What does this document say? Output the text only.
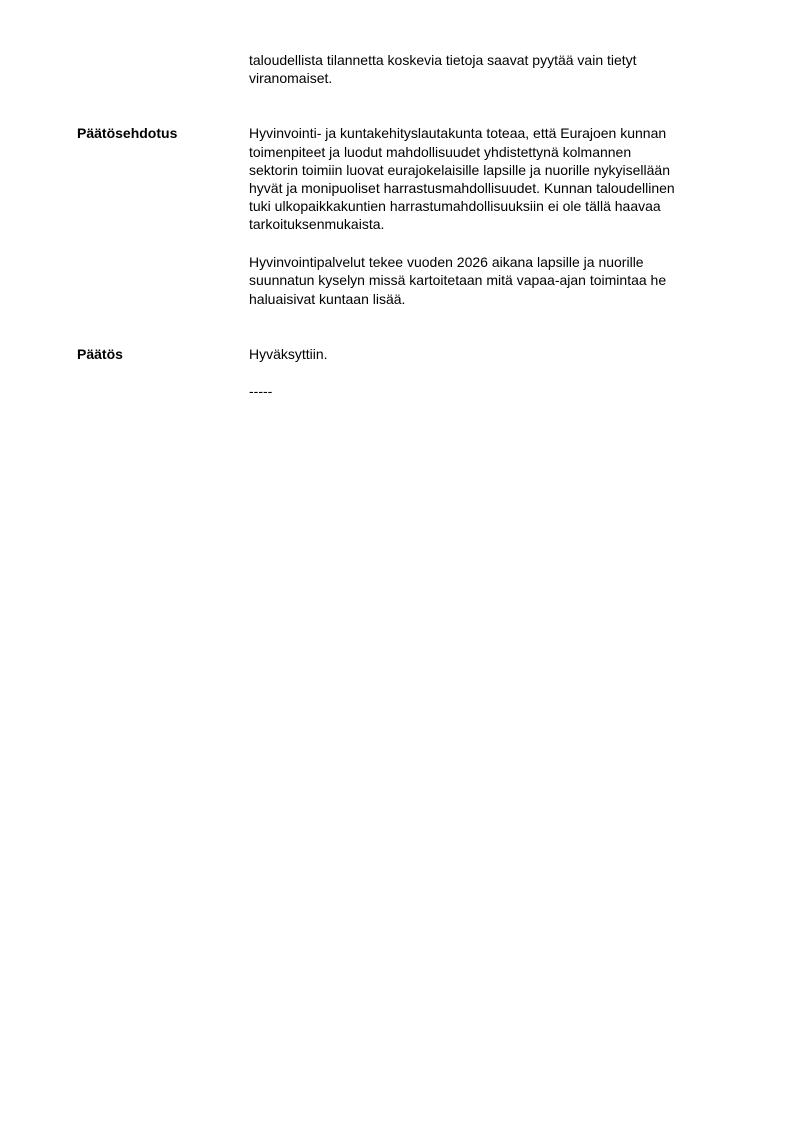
taloudellista tilannetta koskevia tietoja saavat pyytää vain tietyt
viranomaiset.
Päätösehdotus	Hyvinvointi- ja kuntakehityslautakunta toteaa, että Eurajoen kunnan
toimenpiteet ja luodut mahdollisuudet yhdistettynä kolmannen
sektorin toimiin luovat eurajokelaisille lapsille ja nuorille nykyisellään
hyvät ja monipuoliset harrastusmahdollisuudet. Kunnan taloudellinen
tuki ulkopaikkakuntien harrastumahdollisuuksiin ei ole tällä haavaa
tarkoituksenmukaista.
Hyvinvointipalvelut tekee vuoden 2026 aikana lapsille ja nuorille
suunnatun kyselyn missä kartoitetaan mitä vapaa-ajan toimintaa he
haluaisivat kuntaan lisää.
Päätös	Hyväksyttiin.
-----
